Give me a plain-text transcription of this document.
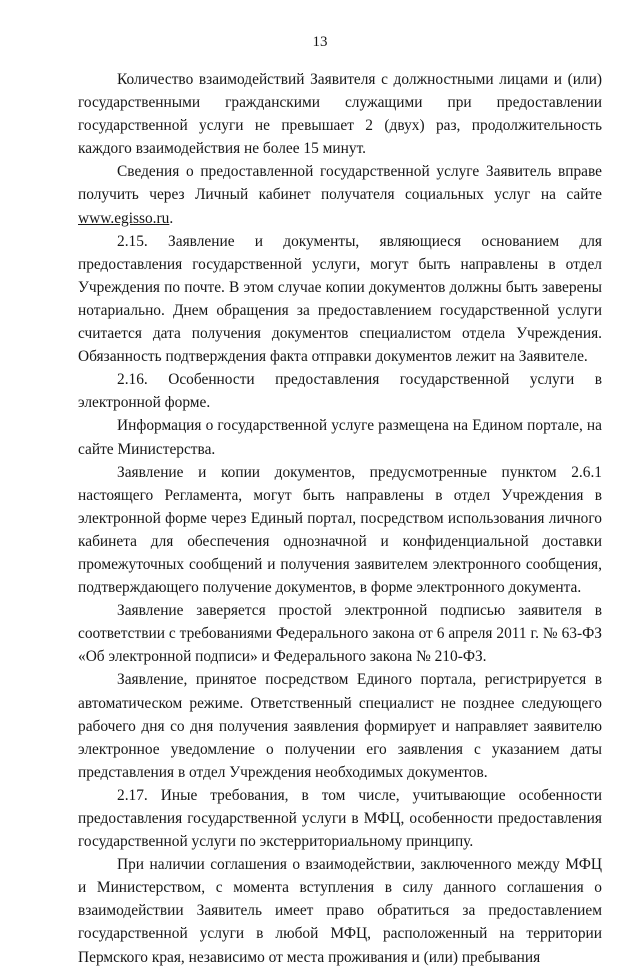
13

Количество взаимодействий Заявителя с должностными лицами и (или) государственными гражданскими служащими при предоставлении государственной услуги не превышает 2 (двух) раз, продолжительность каждого взаимодействия не более 15 минут.

Сведения о предоставленной государственной услуге Заявитель вправе получить через Личный кабинет получателя социальных услуг на сайте www.egisso.ru.

2.15. Заявление и документы, являющиеся основанием для предоставления государственной услуги, могут быть направлены в отдел Учреждения по почте. В этом случае копии документов должны быть заверены нотариально. Днем обращения за предоставлением государственной услуги считается дата получения документов специалистом отдела Учреждения. Обязанность подтверждения факта отправки документов лежит на Заявителе.

2.16. Особенности предоставления государственной услуги в электронной форме.

Информация о государственной услуге размещена на Едином портале, на сайте Министерства.

Заявление и копии документов, предусмотренные пунктом 2.6.1 настоящего Регламента, могут быть направлены в отдел Учреждения в электронной форме через Единый портал, посредством использования личного кабинета для обеспечения однозначной и конфиденциальной доставки промежуточных сообщений и получения заявителем электронного сообщения, подтверждающего получение документов, в форме электронного документа.

Заявление заверяется простой электронной подписью заявителя в соответствии с требованиями Федерального закона от 6 апреля 2011 г. № 63-ФЗ «Об электронной подписи» и Федерального закона № 210-ФЗ.

Заявление, принятое посредством Единого портала, регистрируется в автоматическом режиме. Ответственный специалист не позднее следующего рабочего дня со дня получения заявления формирует и направляет заявителю электронное уведомление о получении его заявления с указанием даты представления в отдел Учреждения необходимых документов.

2.17. Иные требования, в том числе, учитывающие особенности предоставления государственной услуги в МФЦ, особенности предоставления государственной услуги по экстерриториальному принципу.

При наличии соглашения о взаимодействии, заключенного между МФЦ и Министерством, с момента вступления в силу данного соглашения о взаимодействии Заявитель имеет право обратиться за предоставлением государственной услуги в любой МФЦ, расположенный на территории Пермского края, независимо от места проживания и (или) пребывания
